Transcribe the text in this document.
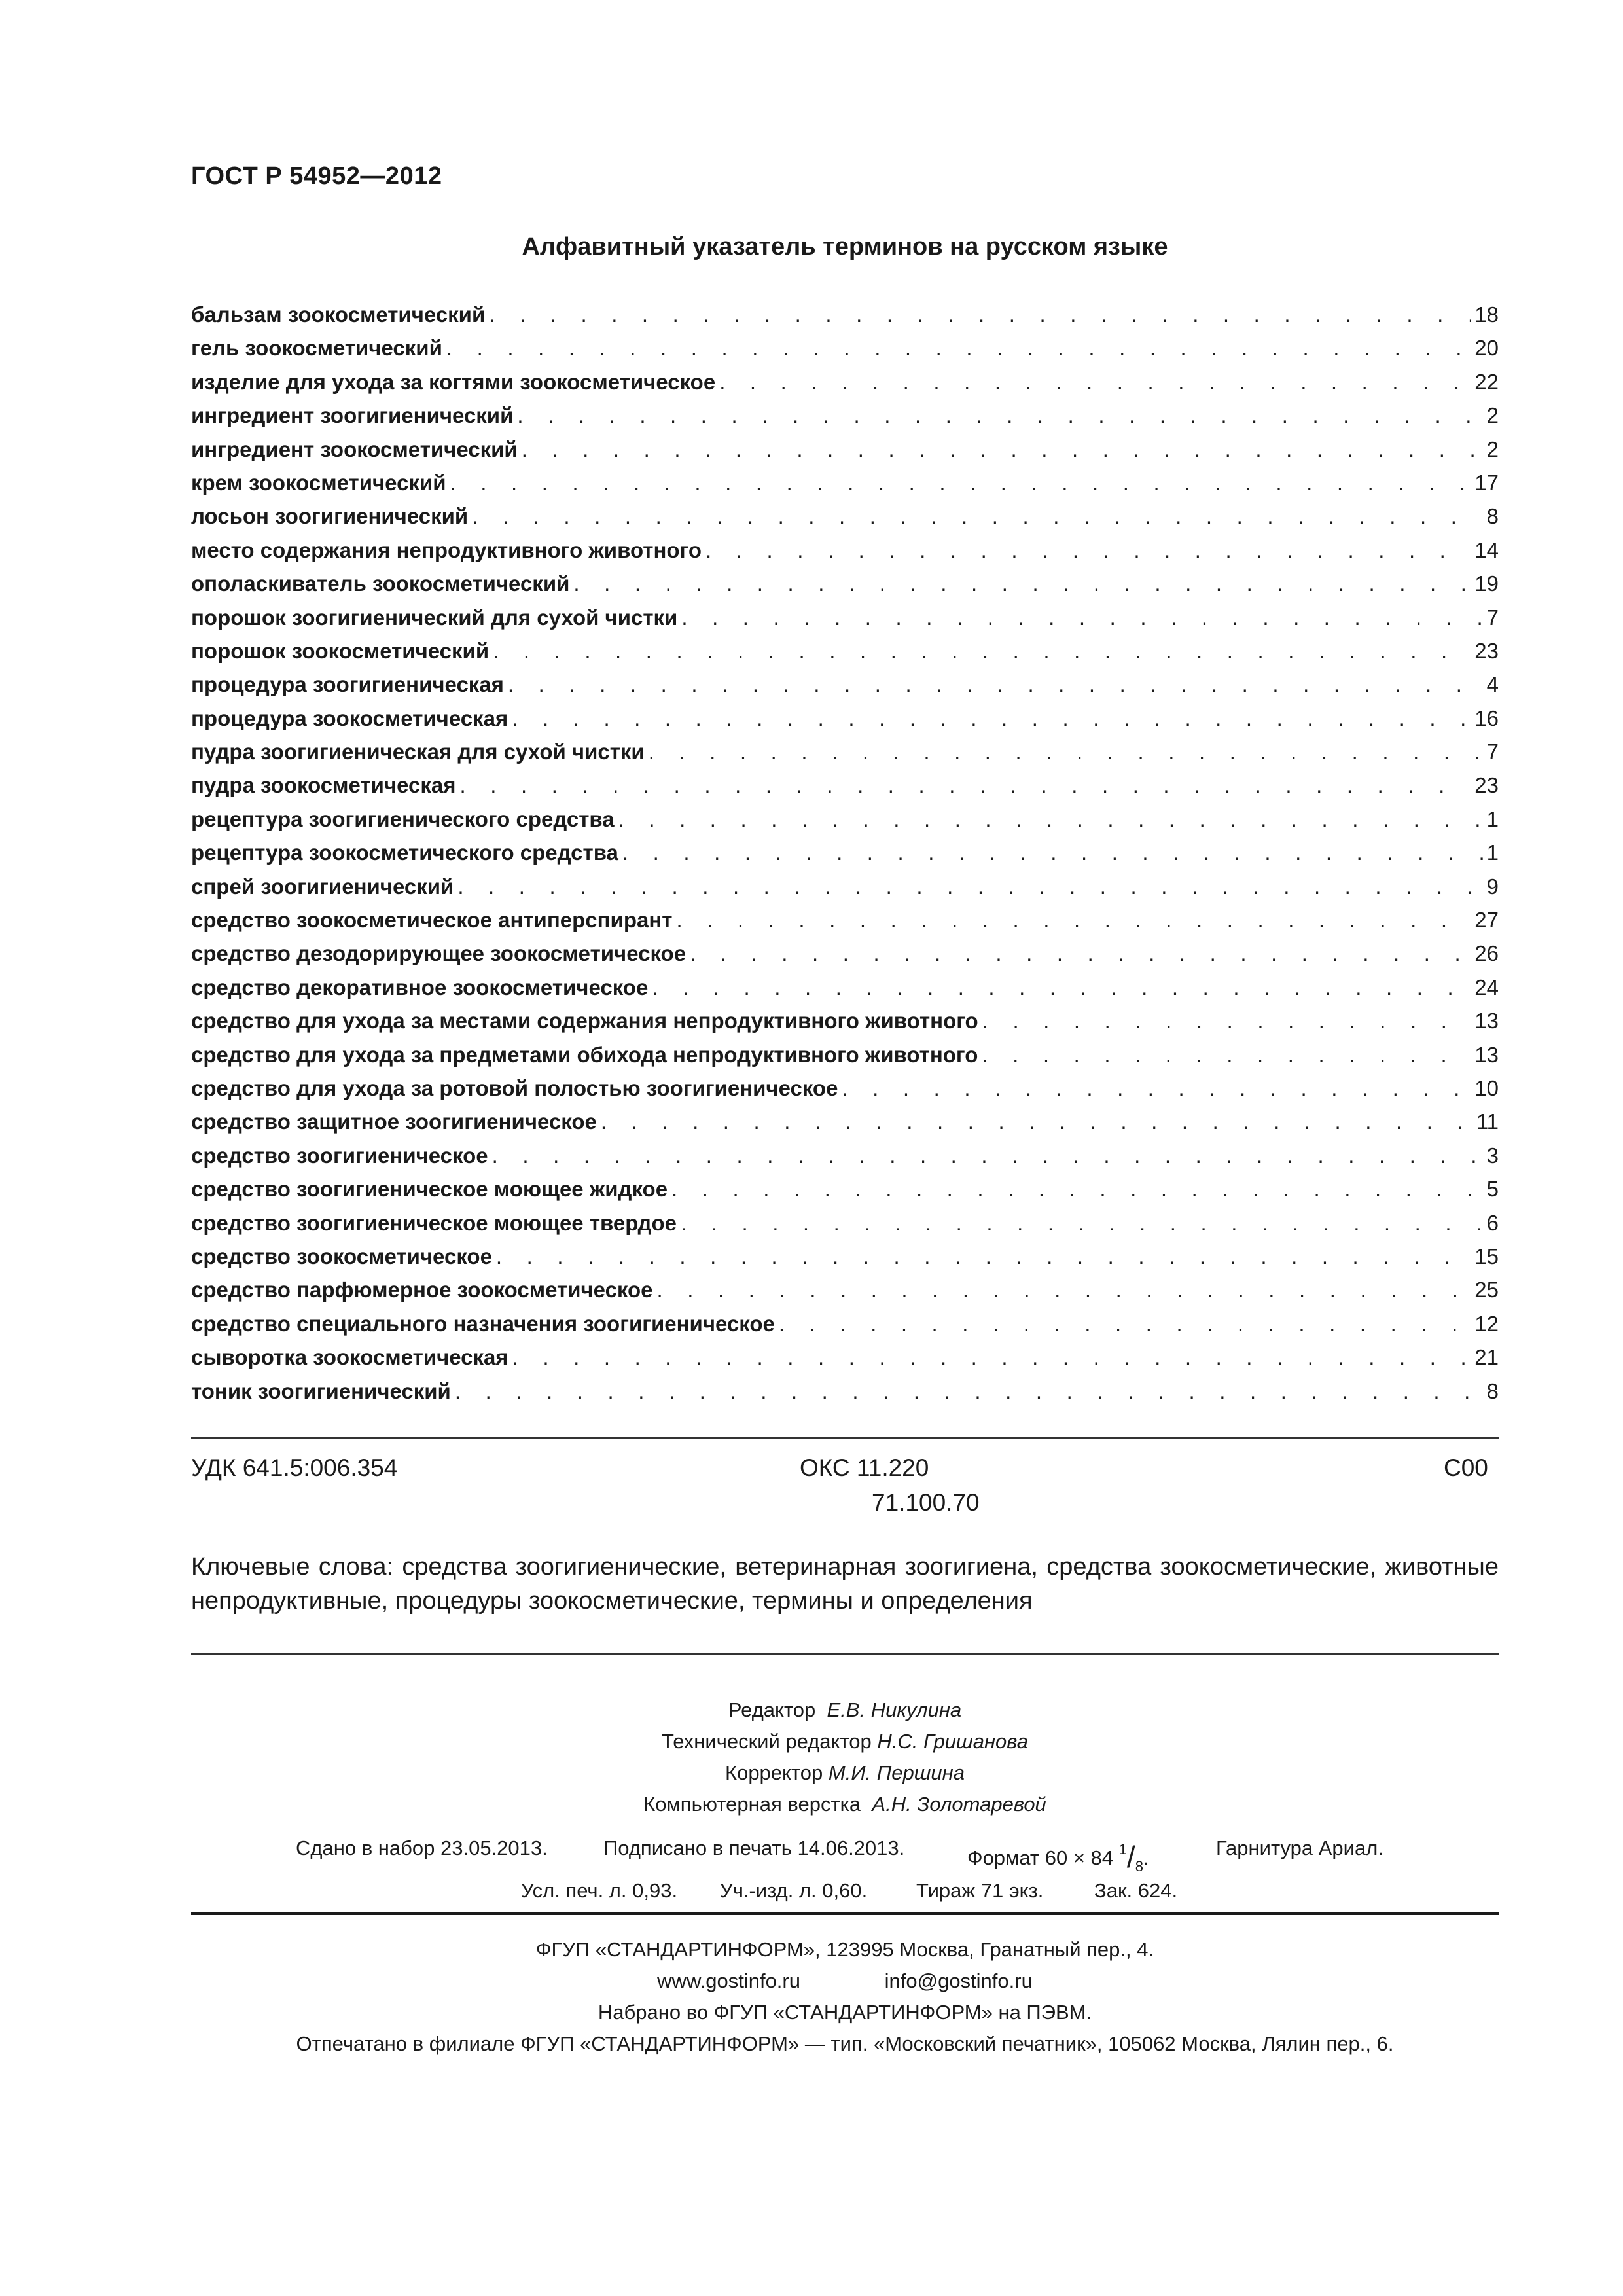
ГОСТ Р 54952—2012
Алфавитный указатель терминов на русском языке
бальзам зоокосметический . . .	18
гель зоокосметический . . .	20
изделие для ухода за когтями зоокосметическое . . .	22
ингредиент зоогигиенический . . .	2
ингредиент зоокосметический . . .	2
крем зоокосметический . . .	17
лосьон зоогигиенический . . .	8
место содержания непродуктивного животного . . .	14
ополаскиватель зоокосметический . . .	19
порошок зоогигиенический для сухой чистки . . .	7
порошок зоокосметический . . .	23
процедура зоогигиеническая . . .	4
процедура зоокосметическая . . .	16
пудра зоогигиеническая для сухой чистки . . .	7
пудра зоокосметическая . . .	23
рецептура зоогигиенического средства . . .	1
рецептура зоокосметического средства . . .	1
спрей зоогигиенический . . .	9
средство зоокосметическое антиперспирант . . .	27
средство дезодорирующее зоокосметическое . . .	26
средство декоративное зоокосметическое . . .	24
средство для ухода за местами содержания непродуктивного животного . . .	13
средство для ухода за предметами обихода непродуктивного животного . . .	13
средство для ухода за ротовой полостью зоогигиеническое . . .	10
средство защитное зоогигиеническое . . .	11
средство зоогигиеническое . . .	3
средство зоогигиеническое моющее жидкое . . .	5
средство зоогигиеническое моющее твердое . . .	6
средство зоокосметическое . . .	15
средство парфюмерное зоокосметическое . . .	25
средство специального назначения зоогигиеническое . . .	12
сыворотка зоокосметическая . . .	21
тоник зоогигиенический . . .	8
УДК 641.5:006.354	ОКС 11.220
71.100.70
С00
Ключевые слова: средства зоогигиенические, ветеринарная зоогигиена, средства зоокосметические, животные непродуктивные, процедуры зоокосметические, термины и определения
Редактор Е.В. Никулина
Технический редактор Н.С. Гришанова
Корректор М.И. Першина
Компьютерная верстка А.Н. Золотаревой
Сдано в набор 23.05.2013.	Подписано в печать 14.06.2013.	Формат 60 × 84 $^1/_8$.	Гарнитура Ариал.
Усл. печ. л. 0,93. Уч.-изд. л. 0,60. Тираж 71 экз.	Зак. 624.
ФГУП «СТАНДАРТИНФОРМ», 123995 Москва, Гранатный пер., 4.
www.gostinfo.ru	info@gostinfo.ru
Набрано во ФГУП «СТАНДАРТИНФОРМ» на ПЭВМ.
Отпечатано в филиале ФГУП «СТАНДАРТИНФОРМ» — тип. «Московский печатник», 105062 Москва, Лялин пер., 6.
